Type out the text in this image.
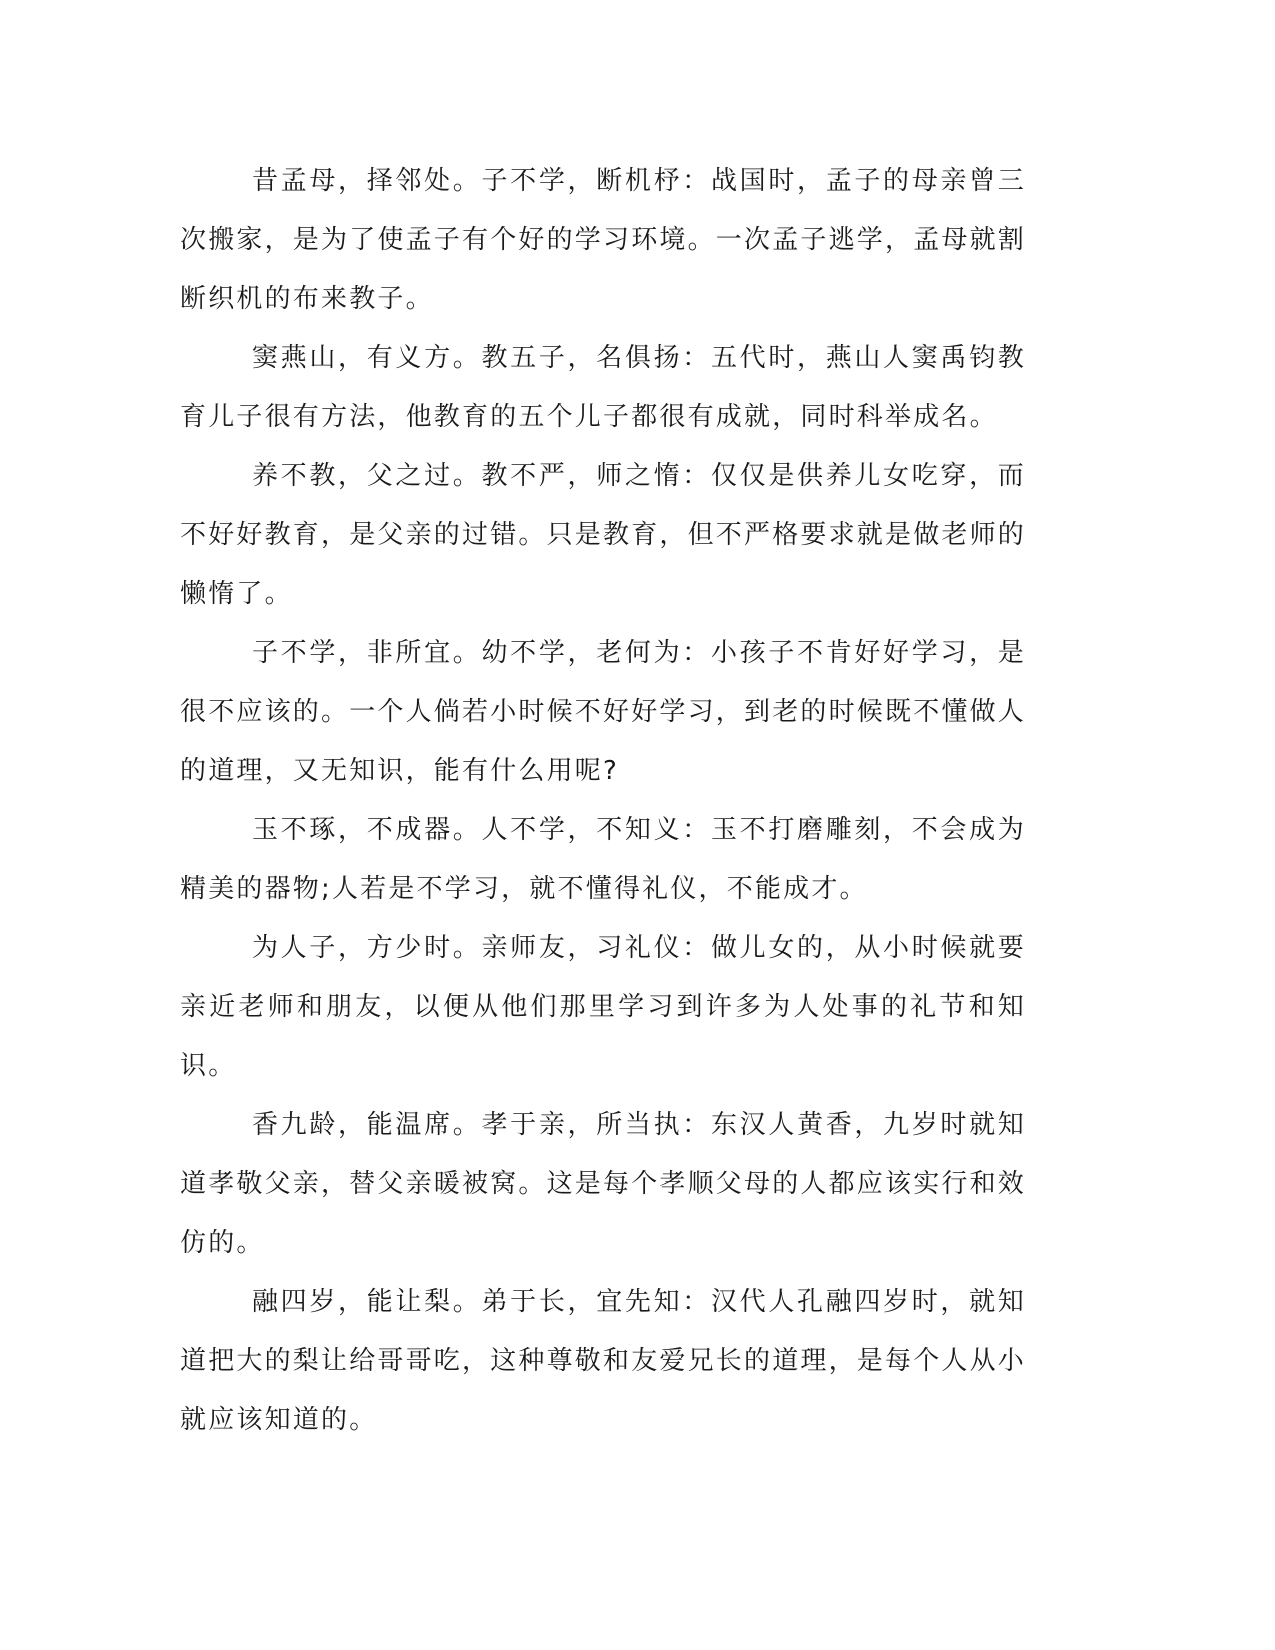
昔孟母，择邻处。子不学，断机杼：战国时，孟子的母亲曾三次搬家，是为了使孟子有个好的学习环境。一次孟子逃学，孟母就割断织机的布来教子。

窦燕山，有义方。教五子，名俱扬：五代时，燕山人窦禹钧教育儿子很有方法，他教育的五个儿子都很有成就，同时科举成名。

养不教，父之过。教不严，师之惰：仅仅是供养儿女吃穿，而不好好教育，是父亲的过错。只是教育，但不严格要求就是做老师的懒惰了。

子不学，非所宜。幼不学，老何为：小孩子不肯好好学习，是很不应该的。一个人倘若小时候不好好学习，到老的时候既不懂做人的道理，又无知识，能有什么用呢?

玉不琢，不成器。人不学，不知义：玉不打磨雕刻，不会成为精美的器物;人若是不学习，就不懂得礼仪，不能成才。

为人子，方少时。亲师友，习礼仪：做儿女的，从小时候就要亲近老师和朋友，以便从他们那里学习到许多为人处事的礼节和知识。

香九龄，能温席。孝于亲，所当执：东汉人黄香，九岁时就知道孝敬父亲，替父亲暖被窝。这是每个孝顺父母的人都应该实行和效仿的。

融四岁，能让梨。弟于长，宜先知：汉代人孔融四岁时，就知道把大的梨让给哥哥吃，这种尊敬和友爱兄长的道理，是每个人从小就应该知道的。
